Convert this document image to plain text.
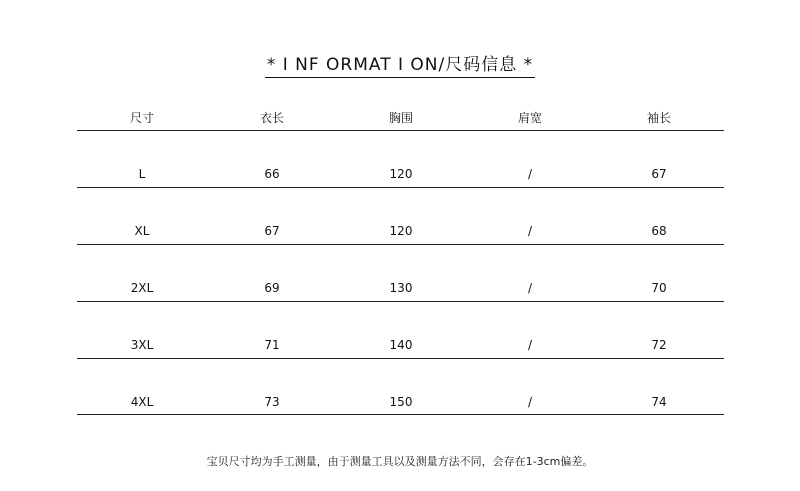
* I NF ORMAT I ON/尺码信息 *
尺寸	衣长	胸围	肩宽	袖长
L	66	120	/	67
XL	67	120	/	68
2XL	69	130	/	70
3XL	71	140	/	72
4XL	73	150	/	74
宝贝尺寸均为手工测量，由于测量工具以及测量方法不同，会存在1-3cm偏差。
